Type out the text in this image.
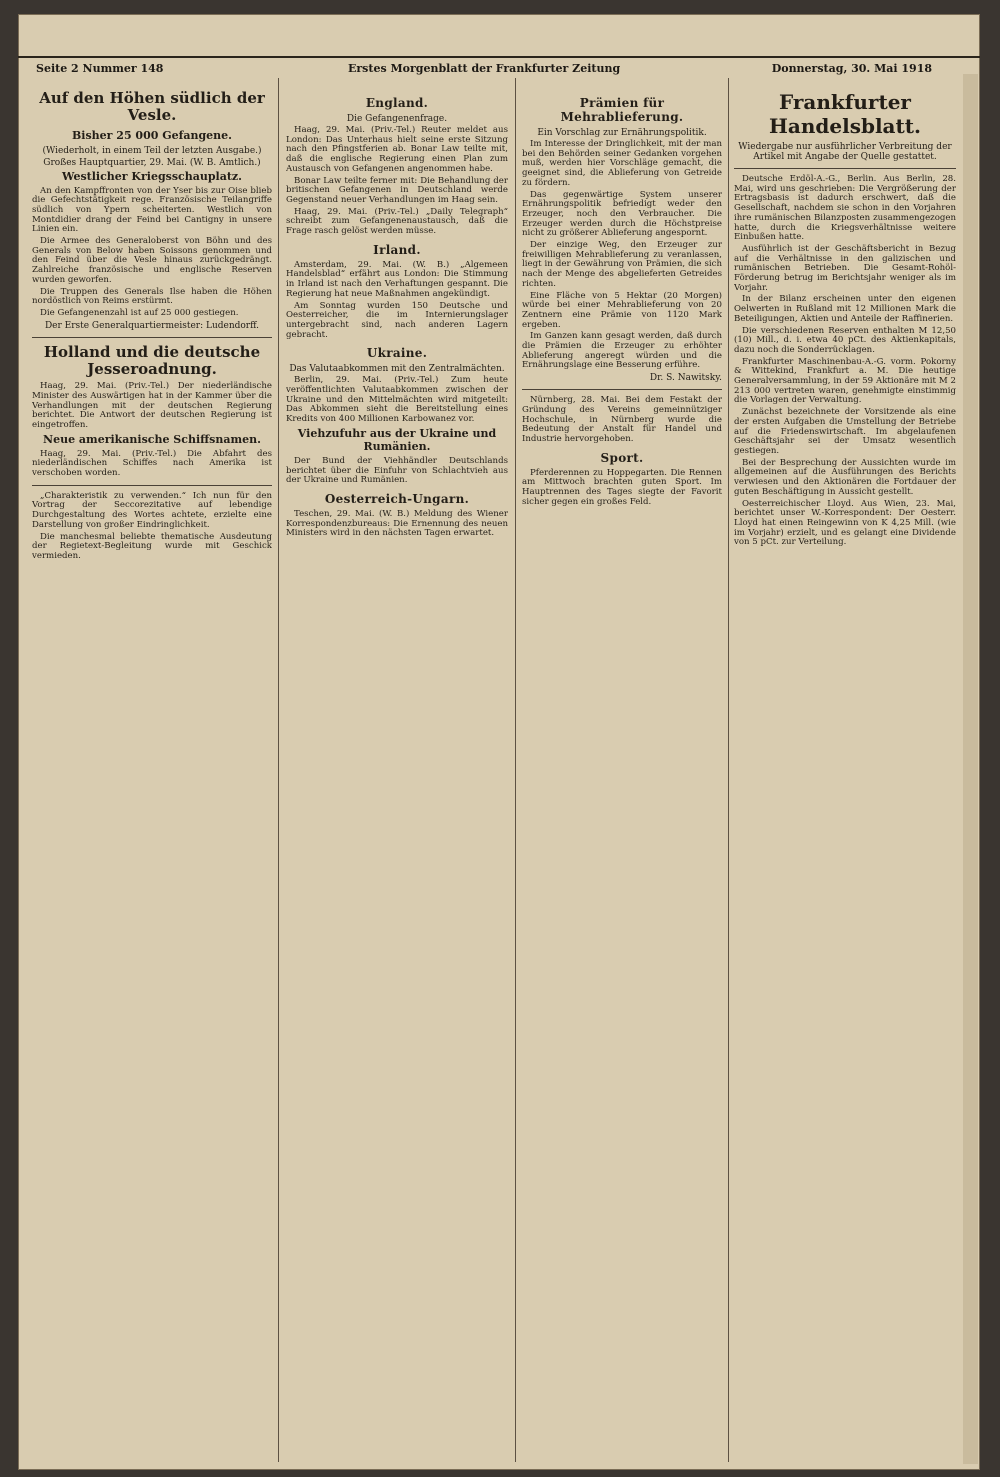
Seite 2 Nummer 148	Erstes Morgenblatt der Frankfurter Zeitung	Donnerstag, 30. Mai 1918
Auf den Höhen südlich der Vesle.
Bisher 25 000 Gefangene.
(Wiederholt, in einem Teil der letzten Ausgabe.)
Großes Hauptquartier, 29. Mai. (W. B. Amtlich.)
Westlicher Kriegsschauplatz.

An den Kampffronten von der Yser bis zur Oise blieb die Gefechtstätigkeit rege. Französische Teilangriffe südlich von Ypern scheiterten. Westlich von Montdidier drang der Feind bei Cantigny in unsere Linien ein.

Die Armee des Generaloberst von Böhn und des Generals von Below haben Soissons genommen und den Feind über die Vesle hinaus zurückgedrängt. Zahlreiche französische und englische Reserven wurden geworfen.

Die Truppen des Generals Ilse haben die Höhen nordöstlich von Reims erstürmt.

Die Gefangenenzahl ist auf 25 000 gestiegen.

Der Erste Generalquartiermeister: Ludendorff.
Holland und die deutsche Jesseroadnung.

Haag, 29. Mai. (Priv.-Tel.) Der niederländische Minister des Auswärtigen hat in der Kammer über die Verhandlungen mit der deutschen Regierung berichtet. Die Antwort der deutschen Regierung ist eingetroffen.

Neue amerikanische Schiffsnamen.

Haag, 29. Mai. (Priv.-Tel.) Die Abfahrt des niederländischen Schiffes nach Amerika ist verschoben worden.

„Charakteristik zu verwenden.“ Ich nun für den Vortrag der Seccorezitative auf lebendige Durchgestaltung des Wortes achtete, erzielte eine Darstellung von großer Eindringlichkeit.

Die manchesmal beliebte thematische Ausdeutung der Regietext-Begleitung wurde mit Geschick vermieden.

England.
Die Gefangenenfrage.

Haag, 29. Mai. (Priv.-Tel.) Reuter meldet aus London: Das Unterhaus hielt seine erste Sitzung nach den Pfingstferien ab. Bonar Law teilte mit, daß die englische Regierung einen Plan zum Austausch von Gefangenen angenommen habe.

Bonar Law teilte ferner mit: Die Behandlung der britischen Gefangenen in Deutschland werde Gegenstand neuer Verhandlungen im Haag sein.

Haag, 29. Mai. (Priv.-Tel.) „Daily Telegraph“ schreibt zum Gefangenenaustausch, daß die Frage rasch gelöst werden müsse.

Irland.

Amsterdam, 29. Mai. (W. B.) „Algemeen Handelsblad“ erfährt aus London: Die Stimmung in Irland ist nach den Verhaftungen gespannt. Die Regierung hat neue Maßnahmen angekündigt.

Am Sonntag wurden 150 Deutsche und Oesterreicher, die im Internierungslager untergebracht sind, nach anderen Lagern gebracht.

Ukraine.
Das Valutaabkommen mit den Zentralmächten.

Berlin, 29. Mai. (Priv.-Tel.) Zum heute veröffentlichten Valutaabkommen zwischen der Ukraine und den Mittelmächten wird mitgeteilt: Das Abkommen sieht die Bereitstellung eines Kredits von 400 Millionen Karbowanez vor.

Viehzufuhr aus der Ukraine und Rumänien.

Der Bund der Viehhändler Deutschlands berichtet über die Einfuhr von Schlachtvieh aus der Ukraine und Rumänien.

Oesterreich-Ungarn.

Teschen, 29. Mai. (W. B.) Meldung des Wiener Korrespondenzbureaus: Die Ernennung des neuen Ministers wird in den nächsten Tagen erwartet.

Prämien für Mehrablieferung.
Ein Vorschlag zur Ernährungspolitik.

Im Interesse der Dringlichkeit, mit der man bei den Behörden seiner Gedanken vorgehen muß, werden hier Vorschläge gemacht, die geeignet sind, die Ablieferung von Getreide zu fördern.

Das gegenwärtige System unserer Ernährungspolitik befriedigt weder den Erzeuger, noch den Verbraucher. Die Erzeuger werden durch die Höchstpreise nicht zu größerer Ablieferung angespornt.

Der einzige Weg, den Erzeuger zur freiwilligen Mehrablieferung zu veranlassen, liegt in der Gewährung von Prämien, die sich nach der Menge des abgelieferten Getreides richten.

Eine Fläche von 5 Hektar (20 Morgen) würde bei einer Mehrablieferung von 20 Zentnern eine Prämie von 1120 Mark ergeben.

Im Ganzen kann gesagt werden, daß durch die Prämien die Erzeuger zu erhöhter Ablieferung angeregt würden und die Ernährungslage eine Besserung erführe.

Dr. S. Nawitsky.

Nürnberg, 28. Mai. Bei dem Festakt der Gründung des Vereins gemeinnütziger Hochschule, in Nürnberg wurde die Bedeutung der Anstalt für Handel und Industrie hervorgehoben.

Sport.

Pferderennen zu Hoppegarten. Die Rennen am Mittwoch brachten guten Sport. Im Hauptrennen des Tages siegte der Favorit sicher gegen ein großes Feld.

Frankfurter Handelsblatt.
Wiedergabe nur ausführlicher Verbreitung der Artikel mit Angabe der Quelle gestattet.

Deutsche Erdöl-A.-G., Berlin. Aus Berlin, 28. Mai, wird uns geschrieben: Die Vergrößerung der Ertragsbasis ist dadurch erschwert, daß die Gesellschaft, nachdem sie schon in den Vorjahren ihre rumänischen Bilanzposten zusammengezogen hatte, durch die Kriegsverhältnisse weitere Einbußen hatte.

Ausführlich ist der Geschäftsbericht in Bezug auf die Verhältnisse in den galizischen und rumänischen Betrieben. Die Gesamt-Rohöl-Förderung betrug im Berichtsjahr weniger als im Vorjahr.

In der Bilanz erscheinen unter den eigenen Oelwerten in Rußland mit 12 Millionen Mark die Beteiligungen, Aktien und Anteile der Raffinerien.

Die verschiedenen Reserven enthalten M 12,50 (10) Mill., d. i. etwa 40 pCt. des Aktienkapitals, dazu noch die Sonderrücklagen.

Frankfurter Maschinenbau-A.-G. vorm. Pokorny & Wittekind, Frankfurt a. M. Die heutige Generalversammlung, in der 59 Aktionäre mit M 2 213 000 vertreten waren, genehmigte einstimmig die Vorlagen der Verwaltung.

Zunächst bezeichnete der Vorsitzende als eine der ersten Aufgaben die Umstellung der Betriebe auf die Friedenswirtschaft. Im abgelaufenen Geschäftsjahr sei der Umsatz wesentlich gestiegen.

Bei der Besprechung der Aussichten wurde im allgemeinen auf die Ausführungen des Berichts verwiesen und den Aktionären die Fortdauer der guten Beschäftigung in Aussicht gestellt.

Oesterreichischer Lloyd. Aus Wien, 23. Mai, berichtet unser W.-Korrespondent: Der Oesterr. Lloyd hat einen Reingewinn von K 4,25 Mill. (wie im Vorjahr) erzielt, und es gelangt eine Dividende von 5 pCt. zur Verteilung.
